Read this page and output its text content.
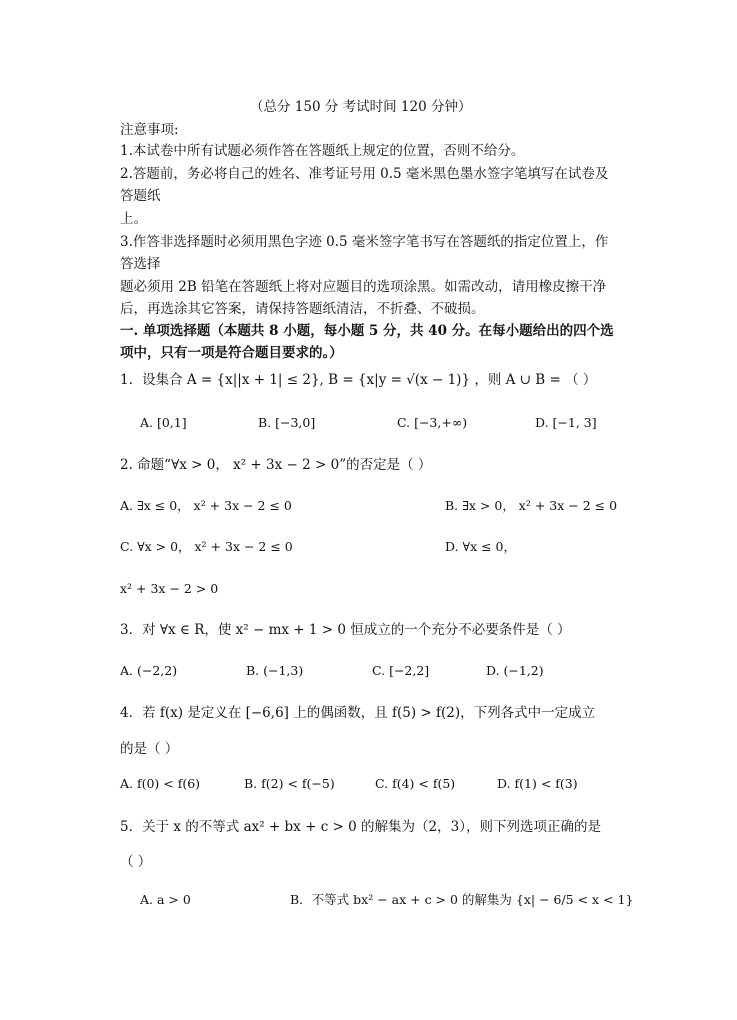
（总分 150 分 考试时间 120 分钟）
注意事项:
1.本试卷中所有试题必须作答在答题纸上规定的位置，否则不给分。
2.答题前，务必将自己的姓名、准考证号用 0.5 毫米黑色墨水签字笔填写在试卷及
答题纸
上。
3.作答非选择题时必须用黑色字迹 0.5 毫米签字笔书写在答题纸的指定位置上，作
答选择
题必须用 2B 铅笔在答题纸上将对应题目的选项涂黑。如需改动，请用橡皮擦干净
后，再选涂其它答案，请保持答题纸清洁，不折叠、不破损。
一. 单项选择题（本题共 8 小题，每小题 5 分，共 40 分。在每小题给出的四个选
项中，只有一项是符合题目要求的。）
1．设集合 A = {x||x + 1| ≤ 2}, B = {x|y = √(x − 1)} ，则 A ∪ B = （ ）
A. [0,1]	B. [−3,0]	C. [−3,+∞)	D. [−1, 3]
2. 命题“∀x > 0， x² + 3x − 2 > 0”的否定是（ ）
A. ∃x ≤ 0， x² + 3x − 2 ≤ 0	B. ∃x > 0， x² + 3x − 2 ≤ 0
C. ∀x > 0， x² + 3x − 2 ≤ 0	D. ∀x ≤ 0，
x² + 3x − 2 > 0
3．对 ∀x ∈ R，使 x² − mx + 1 > 0 恒成立的一个充分不必要条件是（ ）
A. (−2,2)	B. (−1,3)	C. [−2,2]	D. (−1,2)
4．若 f(x) 是定义在 [−6,6] 上的偶函数，且 f(5) > f(2)，下列各式中一定成立
的是（ ）
A. f(0) < f(6)	B. f(2) < f(−5)	C. f(4) < f(5)	D. f(1) < f(3)
5．关于 x 的不等式 ax² + bx + c > 0 的解集为（2，3），则下列选项正确的是
（ ）
A. a > 0	B．不等式 bx² − ax + c > 0 的解集为 {x| − 6/5 < x < 1}
